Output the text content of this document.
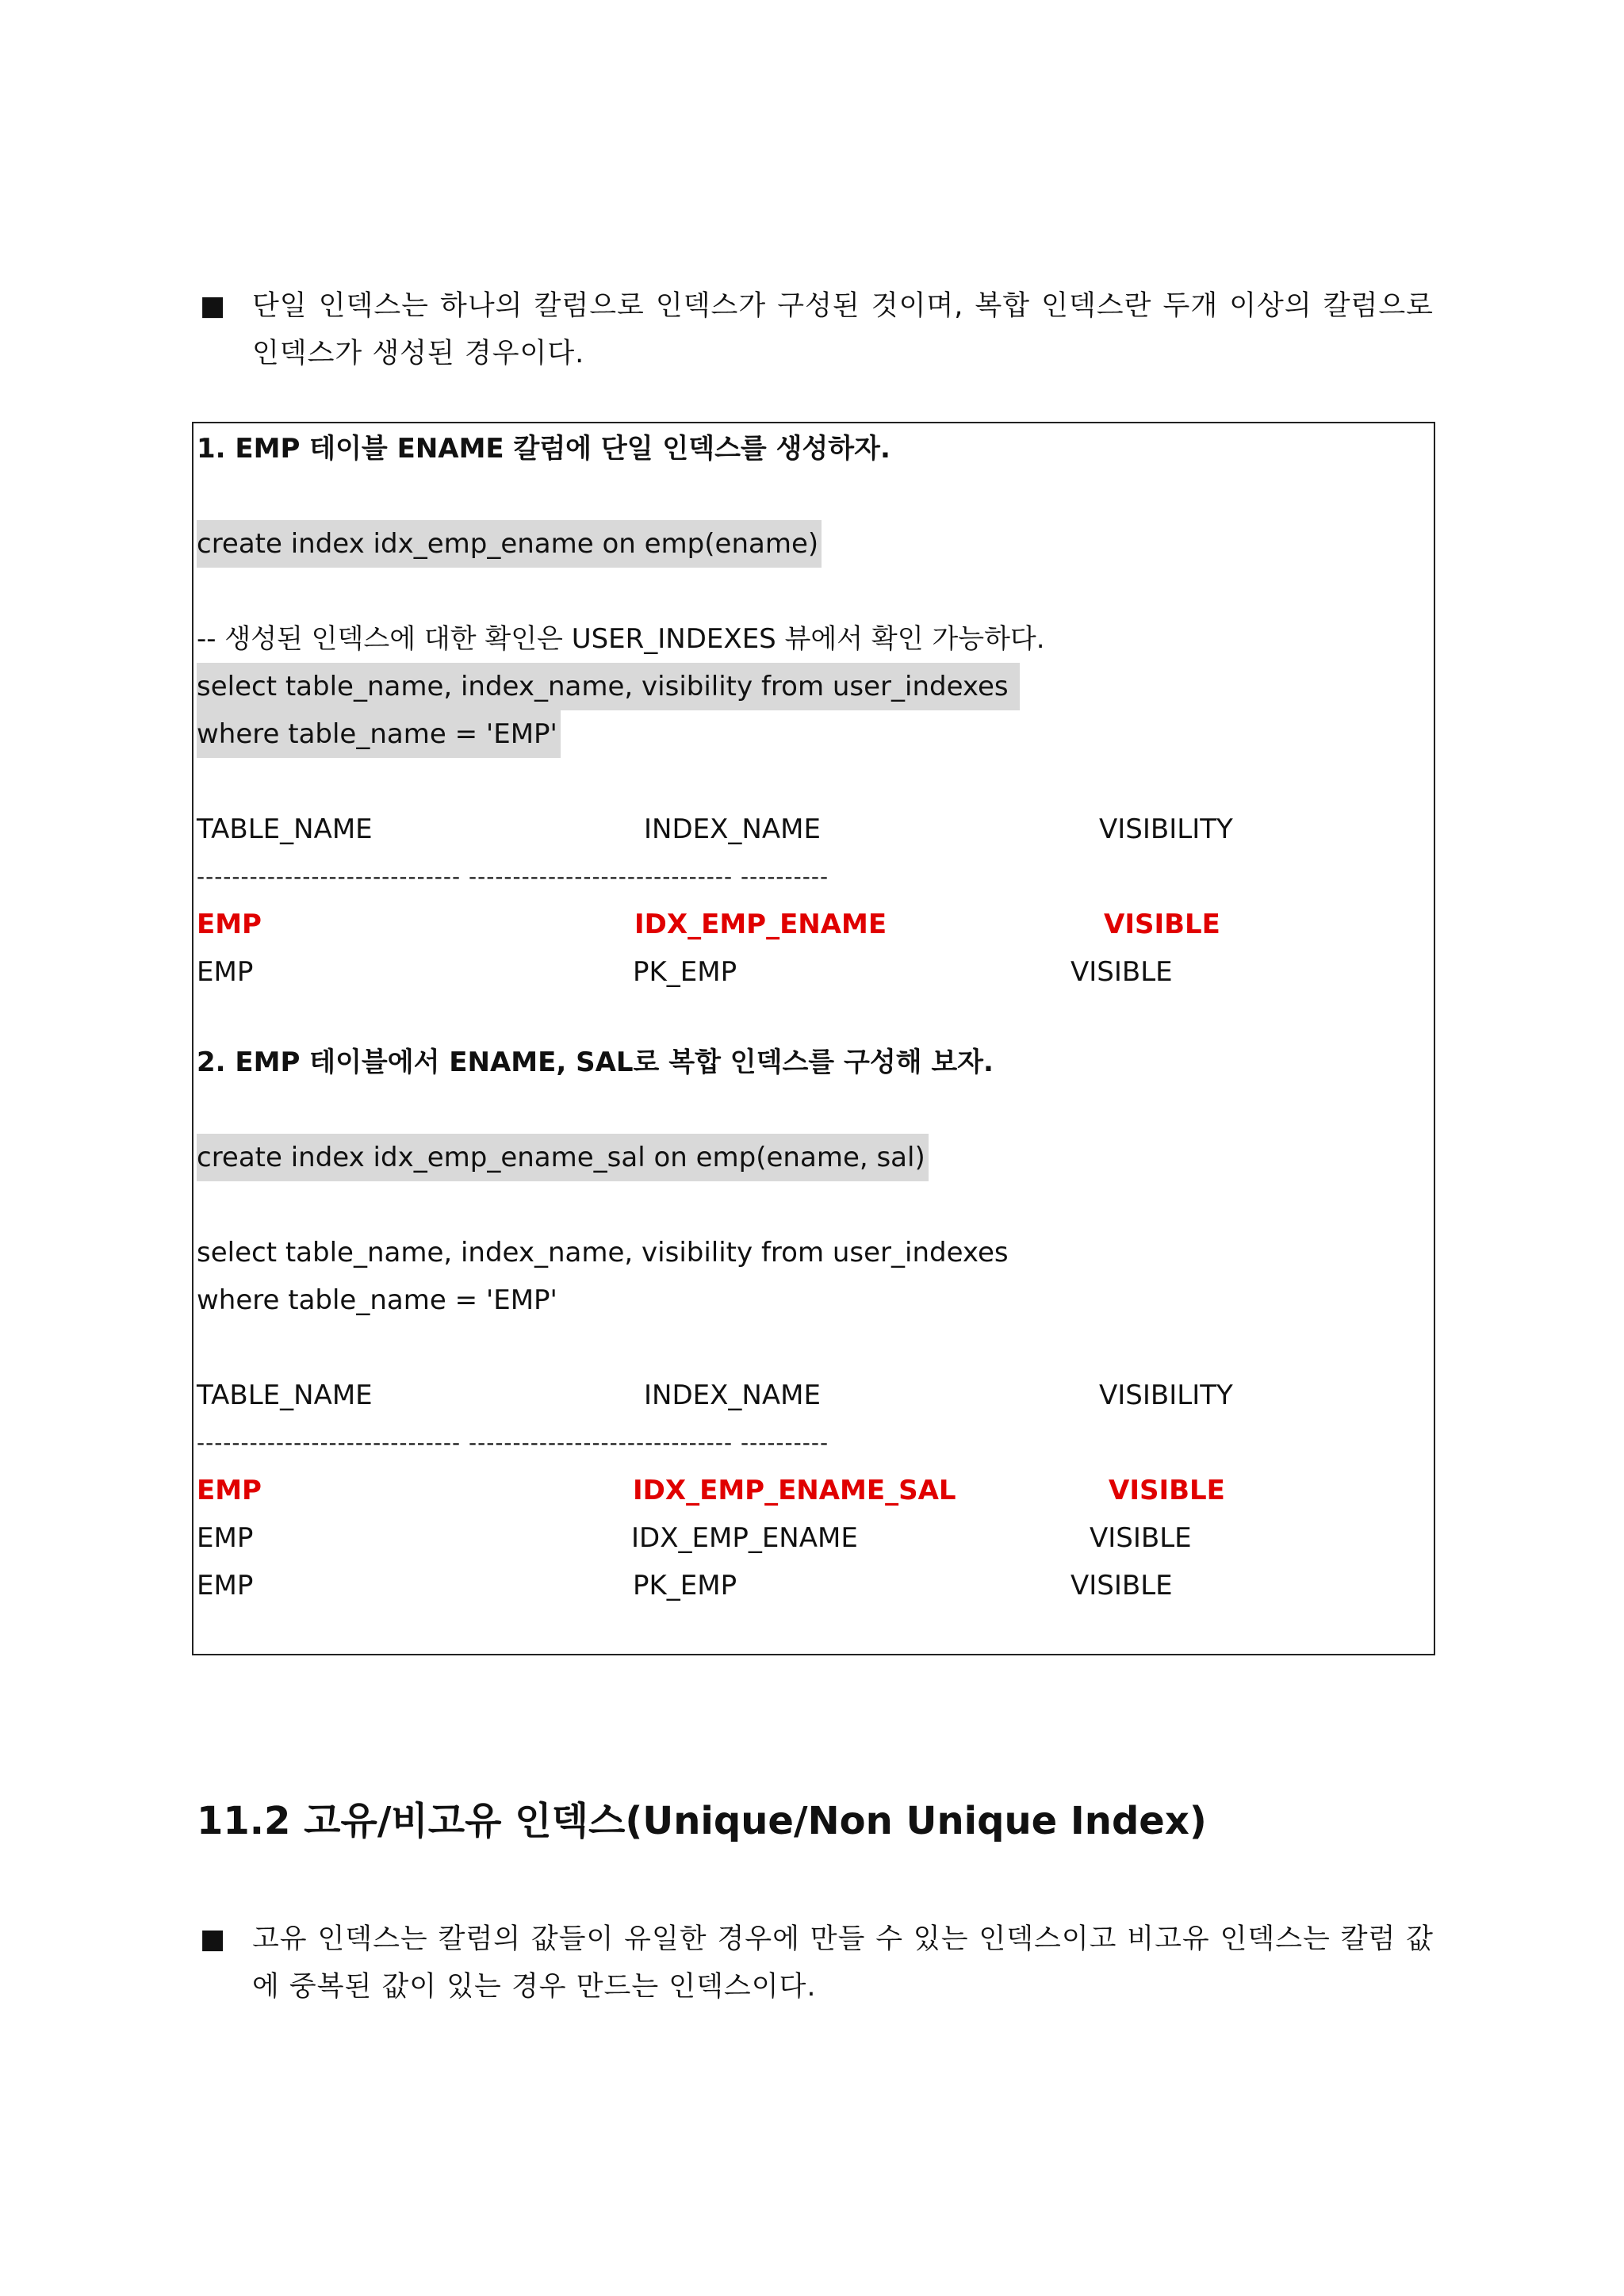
■ 단일 인덱스는 하나의 칼럼으로 인덱스가 구성된 것이며, 복합 인덱스란 두개 이상의 칼럼으로 인덱스가 생성된 경우이다.
1. EMP 테이블 ENAME 칼럼에 단일 인덱스를 생성하자.
create index idx_emp_ename on emp(ename)
-- 생성된 인덱스에 대한 확인은 USER_INDEXES 뷰에서 확인 가능하다.
select table_name, index_name, visibility from user_indexes
where table_name = 'EMP'
TABLE_NAME	INDEX_NAME	VISIBILITY
------------------------------ ------------------------------ ----------
EMP	IDX_EMP_ENAME	VISIBLE
EMP	PK_EMP	VISIBLE
2. EMP 테이블에서 ENAME, SAL로 복합 인덱스를 구성해 보자.
create index idx_emp_ename_sal on emp(ename, sal)
select table_name, index_name, visibility from user_indexes
where table_name = 'EMP'
TABLE_NAME	INDEX_NAME	VISIBILITY
------------------------------ ------------------------------ ----------
EMP	IDX_EMP_ENAME_SAL	VISIBLE
EMP	IDX_EMP_ENAME	VISIBLE
EMP	PK_EMP	VISIBLE
11.2 고유/비고유 인덱스(Unique/Non Unique Index)
■ 고유 인덱스는 칼럼의 값들이 유일한 경우에 만들 수 있는 인덱스이고 비고유 인덱스는 칼럼 값에 중복된 값이 있는 경우 만드는 인덱스이다.
